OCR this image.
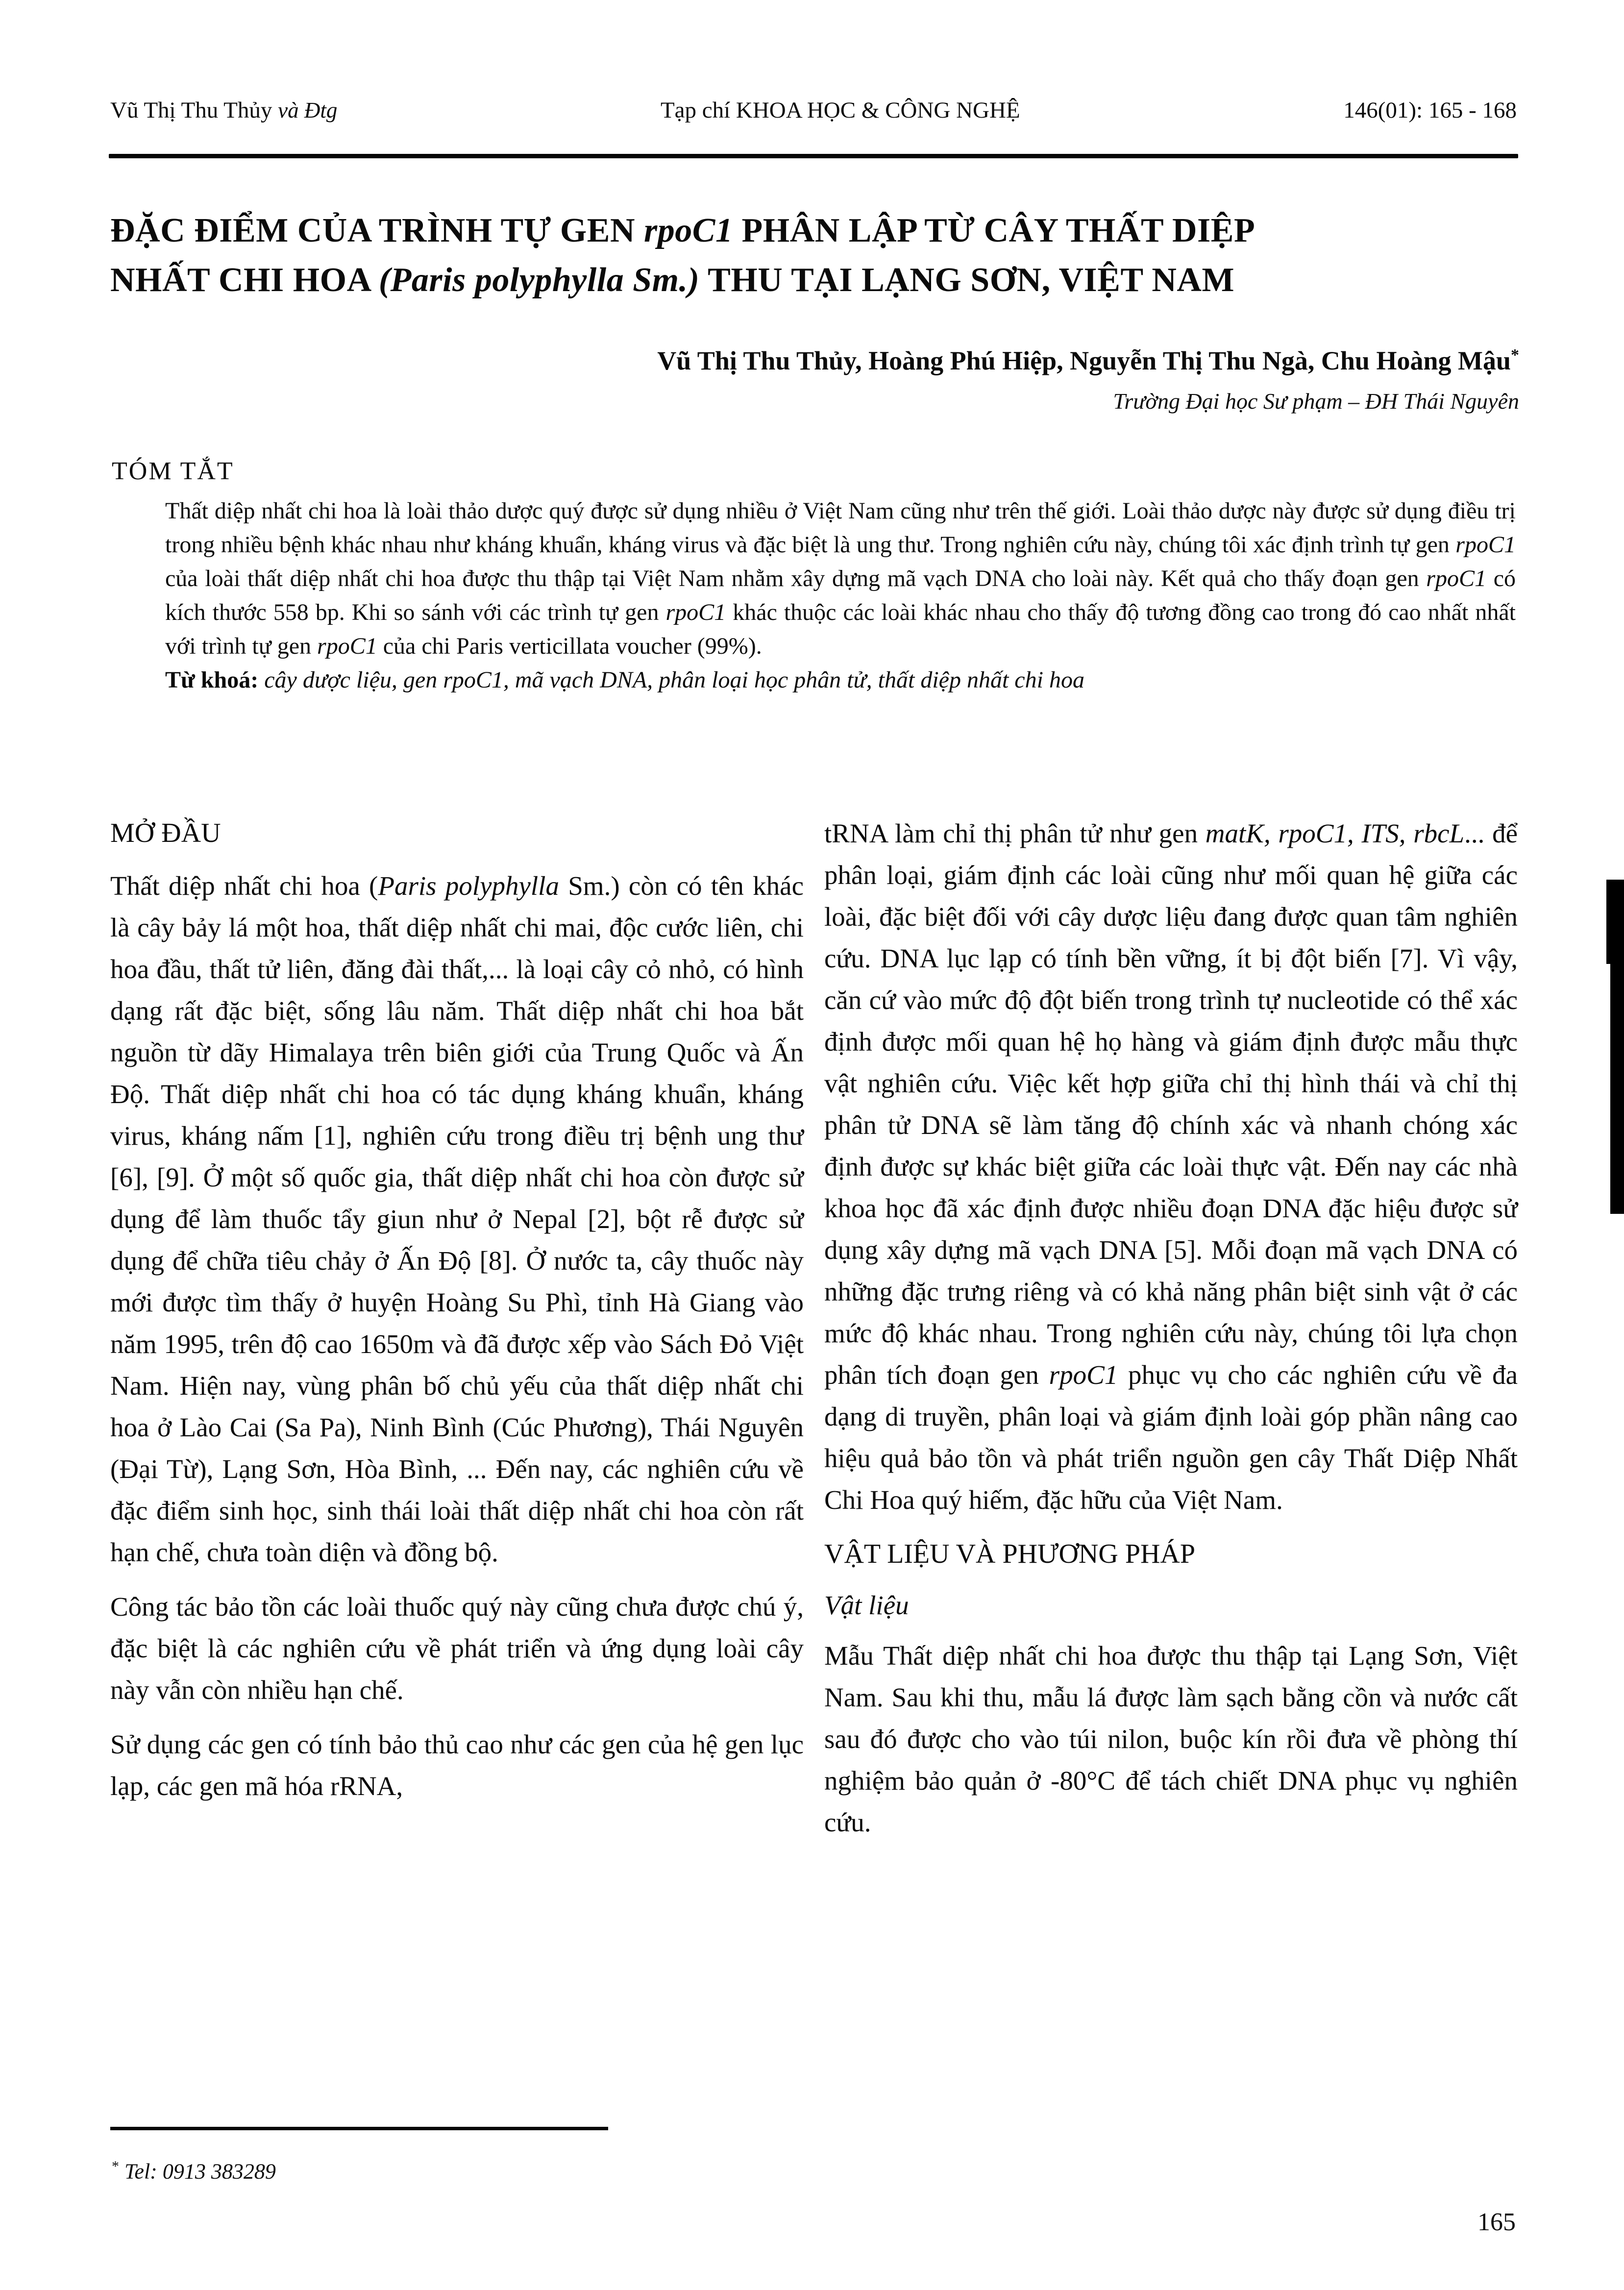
Vũ Thị Thu Thủy và Đtg	Tạp chí KHOA HỌC & CÔNG NGHỆ	146(01): 165 - 168
ĐẶC ĐIỂM CỦA TRÌNH TỰ GEN rpoC1 PHÂN LẬP TỪ CÂY THẤT DIỆP
NHẤT CHI HOA (Paris polyphylla Sm.) THU TẠI LẠNG SƠN, VIỆT NAM
Vũ Thị Thu Thủy, Hoàng Phú Hiệp, Nguyễn Thị Thu Ngà, Chu Hoàng Mậu*
Trường Đại học Sư phạm – ĐH Thái Nguyên
TÓM TẮT
Thất diệp nhất chi hoa là loài thảo dược quý được sử dụng nhiều ở Việt Nam cũng như trên thế giới. Loài thảo dược này được sử dụng điều trị trong nhiều bệnh khác nhau như kháng khuẩn, kháng virus và đặc biệt là ung thư. Trong nghiên cứu này, chúng tôi xác định trình tự gen rpoC1 của loài thất diệp nhất chi hoa được thu thập tại Việt Nam nhằm xây dựng mã vạch DNA cho loài này. Kết quả cho thấy đoạn gen rpoC1 có kích thước 558 bp. Khi so sánh với các trình tự gen rpoC1 khác thuộc các loài khác nhau cho thấy độ tương đồng cao trong đó cao nhất nhất với trình tự gen rpoC1 của chi Paris verticillata voucher (99%).
Từ khoá: cây dược liệu, gen rpoC1, mã vạch DNA, phân loại học phân tử, thất diệp nhất chi hoa
MỞ ĐẦU

Thất diệp nhất chi hoa (Paris polyphylla Sm.) còn có tên khác là cây bảy lá một hoa, thất diệp nhất chi mai, độc cước liên, chi hoa đầu, thất tử liên, đăng đài thất,... là loại cây cỏ nhỏ, có hình dạng rất đặc biệt, sống lâu năm. Thất diệp nhất chi hoa bắt nguồn từ dãy Himalaya trên biên giới của Trung Quốc và Ấn Độ. Thất diệp nhất chi hoa có tác dụng kháng khuẩn, kháng virus, kháng nấm [1], nghiên cứu trong điều trị bệnh ung thư [6], [9]. Ở một số quốc gia, thất diệp nhất chi hoa còn được sử dụng để làm thuốc tẩy giun như ở Nepal [2], bột rễ được sử dụng để chữa tiêu chảy ở Ấn Độ [8]. Ở nước ta, cây thuốc này mới được tìm thấy ở huyện Hoàng Su Phì, tỉnh Hà Giang vào năm 1995, trên độ cao 1650m và đã được xếp vào Sách Đỏ Việt Nam. Hiện nay, vùng phân bố chủ yếu của thất diệp nhất chi hoa ở Lào Cai (Sa Pa), Ninh Bình (Cúc Phương), Thái Nguyên (Đại Từ), Lạng Sơn, Hòa Bình, ... Đến nay, các nghiên cứu về đặc điểm sinh học, sinh thái loài thất diệp nhất chi hoa còn rất hạn chế, chưa toàn diện và đồng bộ.

Công tác bảo tồn các loài thuốc quý này cũng chưa được chú ý, đặc biệt là các nghiên cứu về phát triển và ứng dụng loài cây này vẫn còn nhiều hạn chế.

Sử dụng các gen có tính bảo thủ cao như các gen của hệ gen lục lạp, các gen mã hóa rRNA,

tRNA làm chỉ thị phân tử như gen matK, rpoC1, ITS, rbcL... để phân loại, giám định các loài cũng như mối quan hệ giữa các loài, đặc biệt đối với cây dược liệu đang được quan tâm nghiên cứu. DNA lục lạp có tính bền vững, ít bị đột biến [7]. Vì vậy, căn cứ vào mức độ đột biến trong trình tự nucleotide có thể xác định được mối quan hệ họ hàng và giám định được mẫu thực vật nghiên cứu. Việc kết hợp giữa chỉ thị hình thái và chỉ thị phân tử DNA sẽ làm tăng độ chính xác và nhanh chóng xác định được sự khác biệt giữa các loài thực vật. Đến nay các nhà khoa học đã xác định được nhiều đoạn DNA đặc hiệu được sử dụng xây dựng mã vạch DNA [5]. Mỗi đoạn mã vạch DNA có những đặc trưng riêng và có khả năng phân biệt sinh vật ở các mức độ khác nhau. Trong nghiên cứu này, chúng tôi lựa chọn phân tích đoạn gen rpoC1 phục vụ cho các nghiên cứu về đa dạng di truyền, phân loại và giám định loài góp phần nâng cao hiệu quả bảo tồn và phát triển nguồn gen cây Thất Diệp Nhất Chi Hoa quý hiếm, đặc hữu của Việt Nam.

VẬT LIỆU VÀ PHƯƠNG PHÁP
Vật liệu

Mẫu Thất diệp nhất chi hoa được thu thập tại Lạng Sơn, Việt Nam. Sau khi thu, mẫu lá được làm sạch bằng cồn và nước cất sau đó được cho vào túi nilon, buộc kín rồi đưa về phòng thí nghiệm bảo quản ở -80°C để tách chiết DNA phục vụ nghiên cứu.

* Tel: 0913 383289
165
